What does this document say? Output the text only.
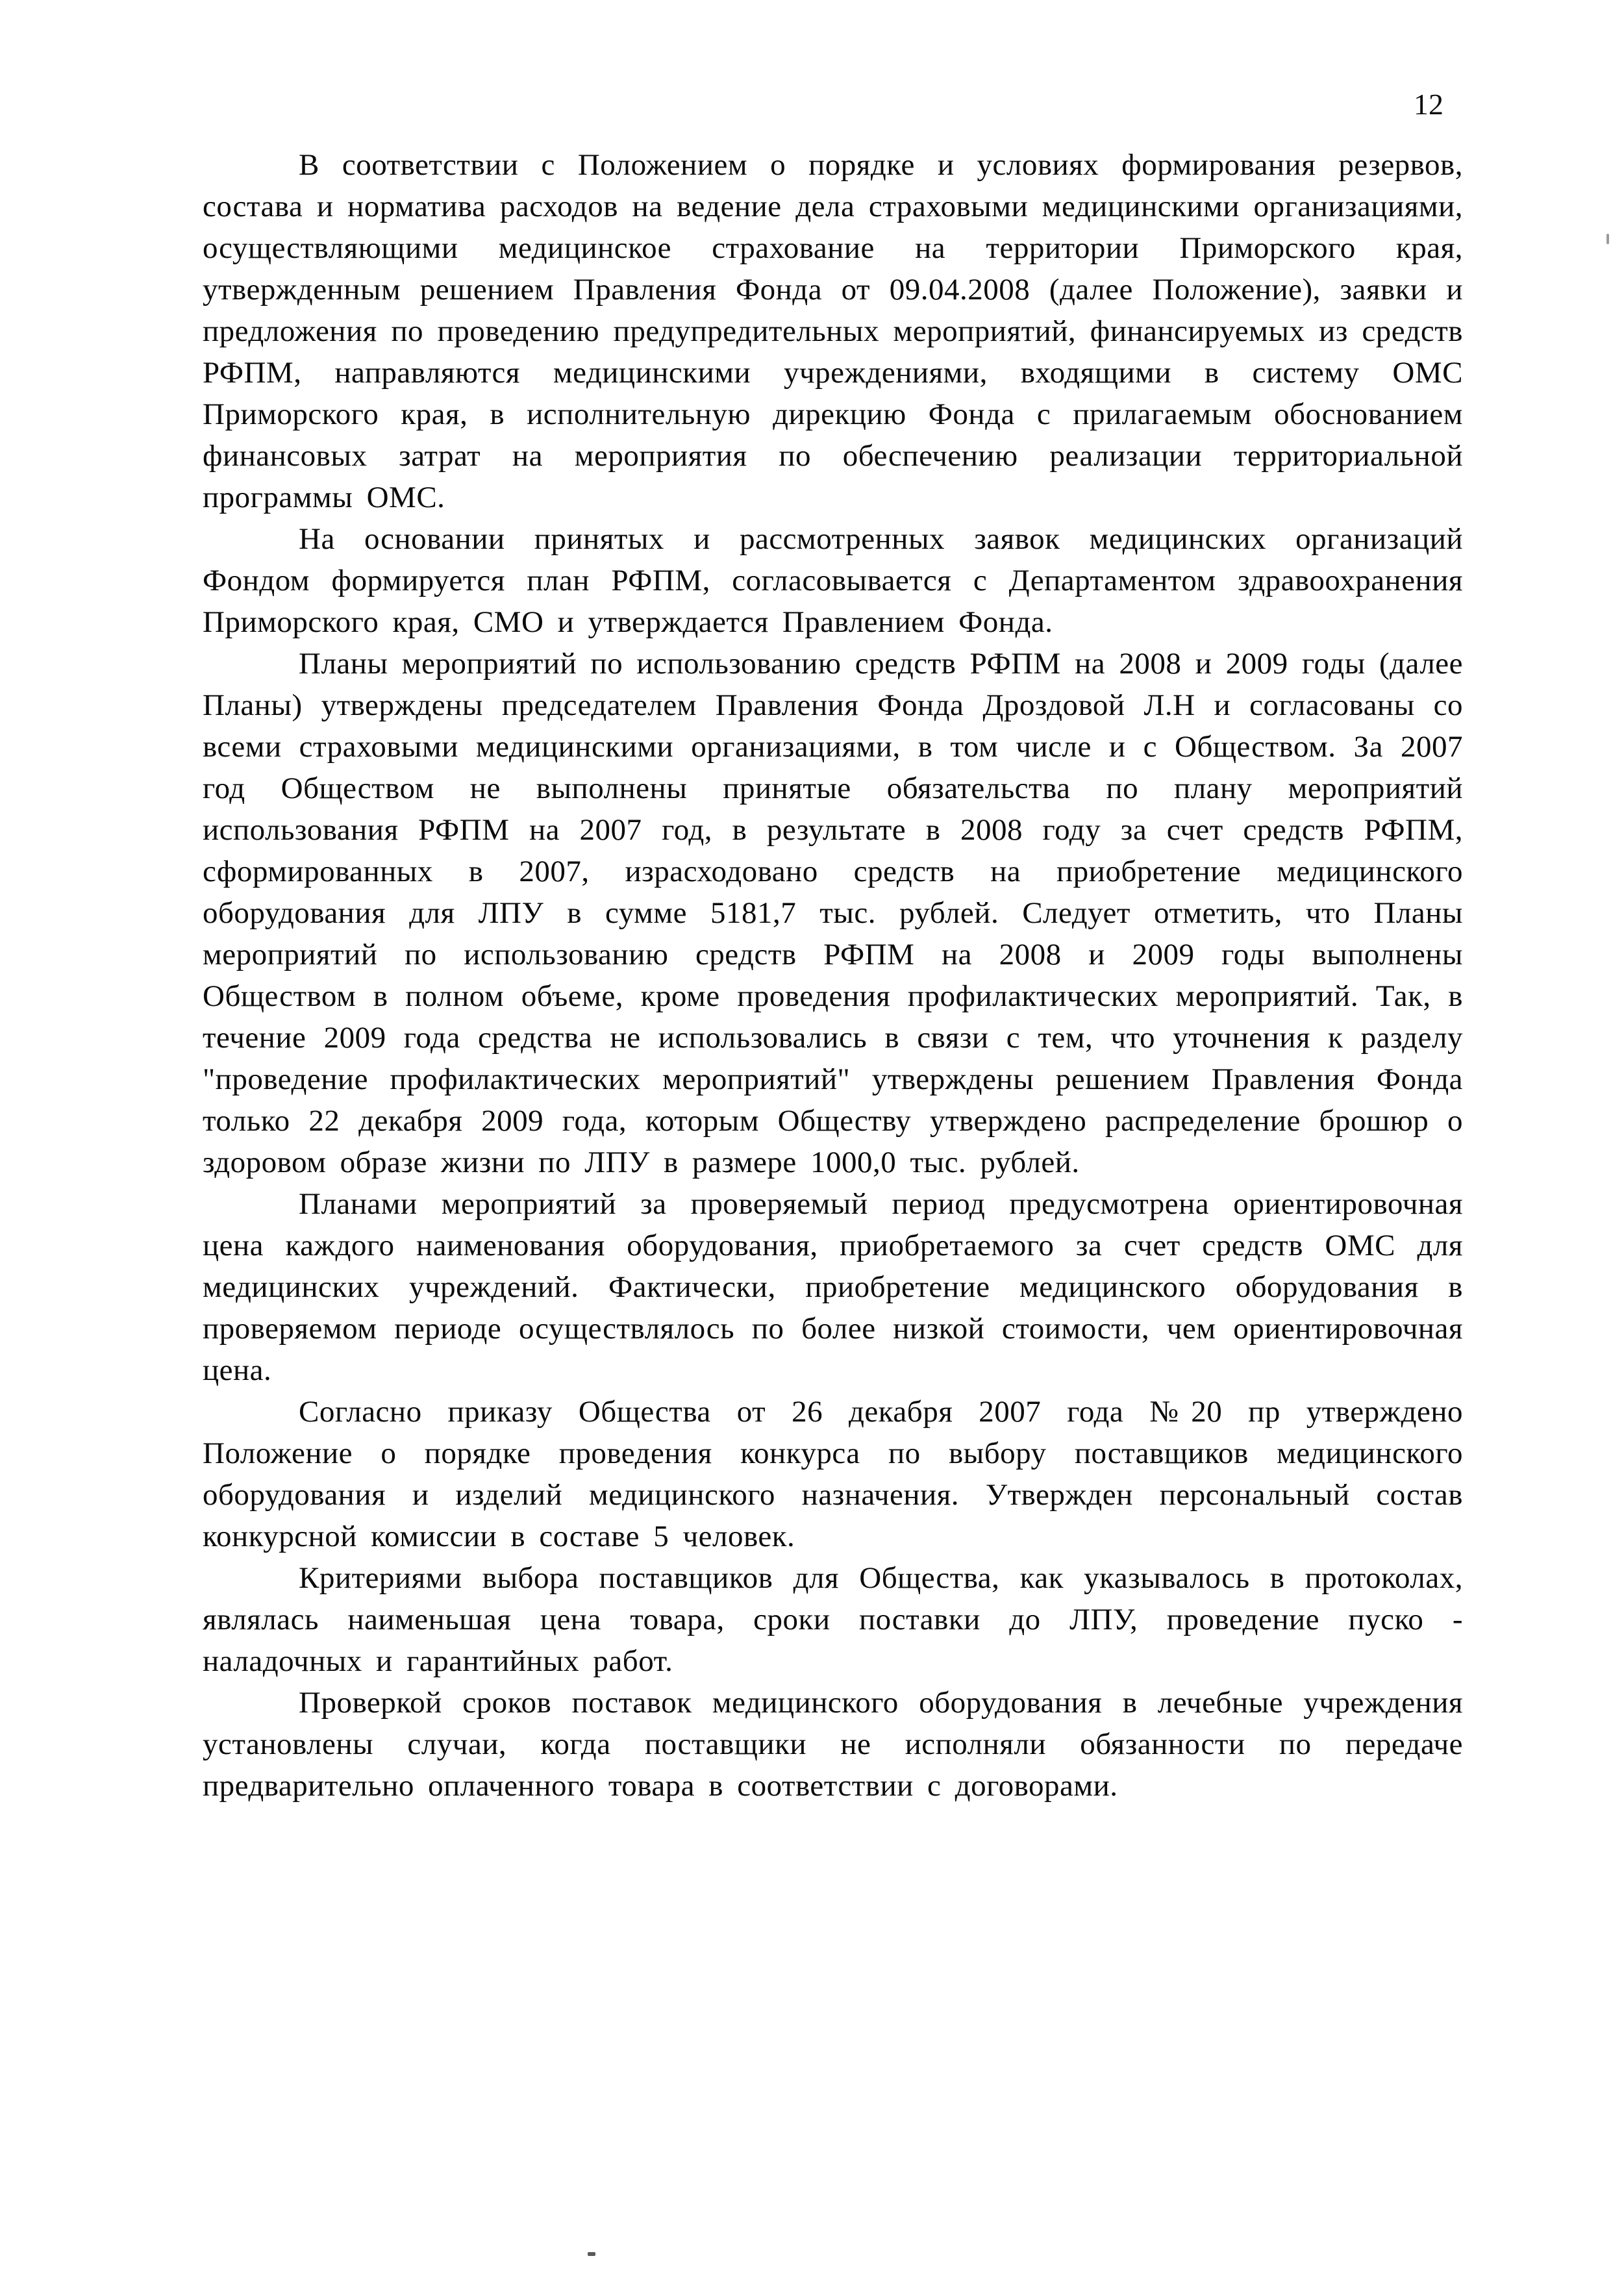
12

В соответствии с Положением о порядке и условиях формирования резервов, состава и норматива расходов на ведение дела страховыми медицинскими организациями, осуществляющими медицинское страхование на территории Приморского края, утвержденным решением Правления Фонда от 09.04.2008 (далее Положение), заявки и предложения по проведению предупредительных мероприятий, финансируемых из средств РФПМ, направляются медицинскими учреждениями, входящими в систему ОМС Приморского края, в исполнительную дирекцию Фонда с прилагаемым обоснованием финансовых затрат на мероприятия по обеспечению реализации территориальной программы ОМС.

На основании принятых и рассмотренных заявок медицинских организаций Фондом формируется план РФПМ, согласовывается с Департаментом здравоохранения Приморского края, СМО и утверждается Правлением Фонда.

Планы мероприятий по использованию средств РФПМ на 2008 и 2009 годы (далее Планы) утверждены председателем Правления Фонда Дроздовой Л.Н и согласованы со всеми страховыми медицинскими организациями, в том числе и с Обществом. За 2007 год Обществом не выполнены принятые обязательства по плану мероприятий использования РФПМ на 2007 год, в результате в 2008 году за счет средств РФПМ, сформированных в 2007, израсходовано средств на приобретение медицинского оборудования для ЛПУ в сумме 5181,7 тыс. рублей. Следует отметить, что Планы мероприятий по использованию средств РФПМ на 2008 и 2009 годы выполнены Обществом в полном объеме, кроме проведения профилактических мероприятий. Так, в течение 2009 года средства не использовались в связи с тем, что уточнения к разделу "проведение профилактических мероприятий" утверждены решением Правления Фонда только 22 декабря 2009 года, которым Обществу утверждено распределение брошюр о здоровом образе жизни по ЛПУ в размере 1000,0 тыс. рублей.

Планами мероприятий за проверяемый период предусмотрена ориентировочная цена каждого наименования оборудования, приобретаемого за счет средств ОМС для медицинских учреждений. Фактически, приобретение медицинского оборудования в проверяемом периоде осуществлялось по более низкой стоимости, чем ориентировочная цена.

Согласно приказу Общества от 26 декабря 2007 года №20 пр утверждено Положение о порядке проведения конкурса по выбору поставщиков медицинского оборудования и изделий медицинского назначения. Утвержден персональный состав конкурсной комиссии в составе 5 человек.

Критериями выбора поставщиков для Общества, как указывалось в протоколах, являлась наименьшая цена товара, сроки поставки до ЛПУ, проведение пуско - наладочных и гарантийных работ.

Проверкой сроков поставок медицинского оборудования в лечебные учреждения установлены случаи, когда поставщики не исполняли обязанности по передаче предварительно оплаченного товара в соответствии с договорами.
